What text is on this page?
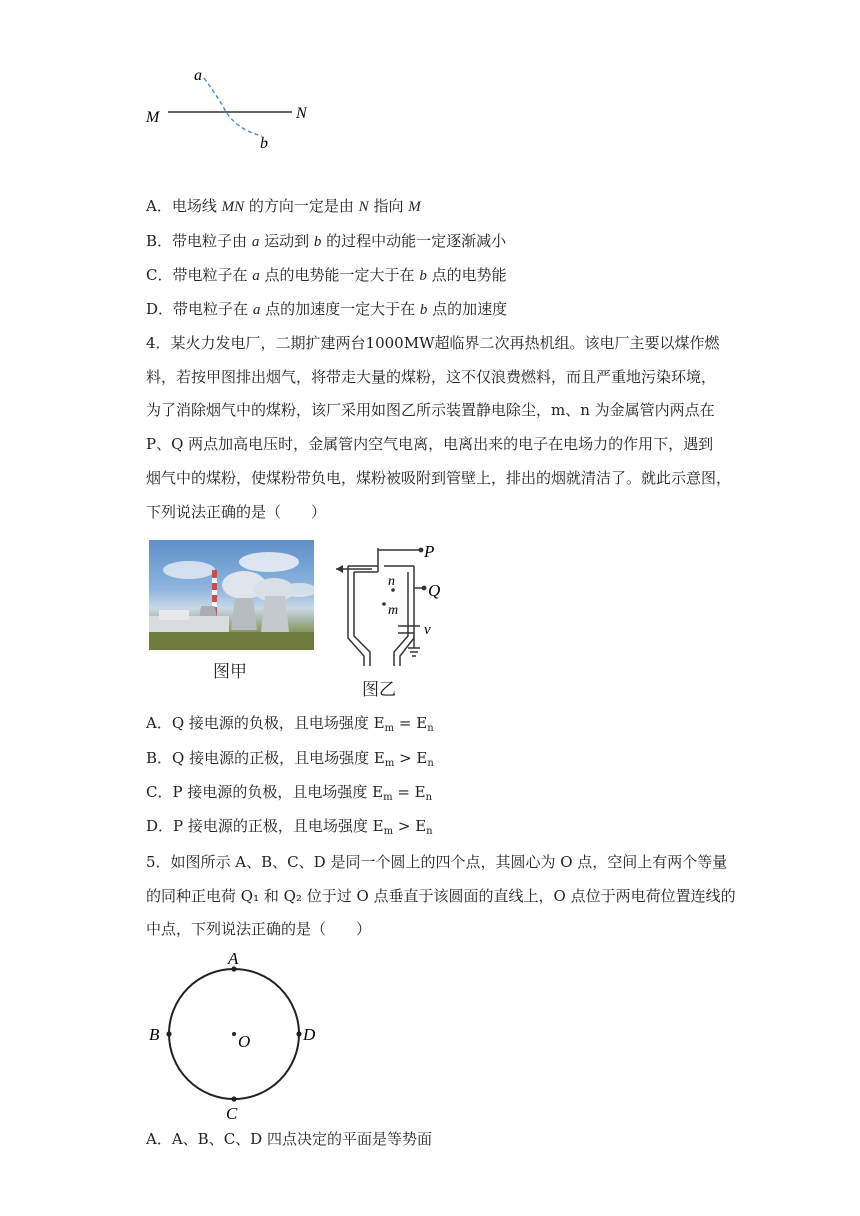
a
b
M	N
A．电场线 MN 的方向一定是由 N 指向 M
B．带电粒子由 a 运动到 b 的过程中动能一定逐渐减小
C．带电粒子在 a 点的电势能一定大于在 b 点的电势能
D．带电粒子在 a 点的加速度一定大于在 b 点的加速度
4．某火力发电厂，二期扩建两台1000MW超临界二次再热机组。该电厂主要以煤作燃
料，若按甲图排出烟气，将带走大量的煤粉，这不仅浪费燃料，而且严重地污染环境，
为了消除烟气中的煤粉，该厂采用如图乙所示装置静电除尘，m、n 为金属管内两点在
P、Q 两点加高电压时，金属管内空气电离，电离出来的电子在电场力的作用下，遇到
烟气中的煤粉，使煤粉带负电，煤粉被吸附到管壁上，排出的烟就清洁了。就此示意图，
下列说法正确的是（　　）
图甲
P
Q
n
m
v
图乙
A．Q 接电源的负极，且电场强度 $E_m = E_n$
B．Q 接电源的正极，且电场强度 $E_m > E_n$
C．P 接电源的负极，且电场强度 $E_m = E_n$
D．P 接电源的正极，且电场强度 $E_m > E_n$
5．如图所示 A、B、C、D 是同一个圆上的四个点，其圆心为 O 点，空间上有两个等量
的同种正电荷 Q₁ 和 Q₂ 位于过 O 点垂直于该圆面的直线上，O 点位于两电荷位置连线的
中点，下列说法正确的是（　　）
A
B	D
C
O
A．A、B、C、D 四点决定的平面是等势面
